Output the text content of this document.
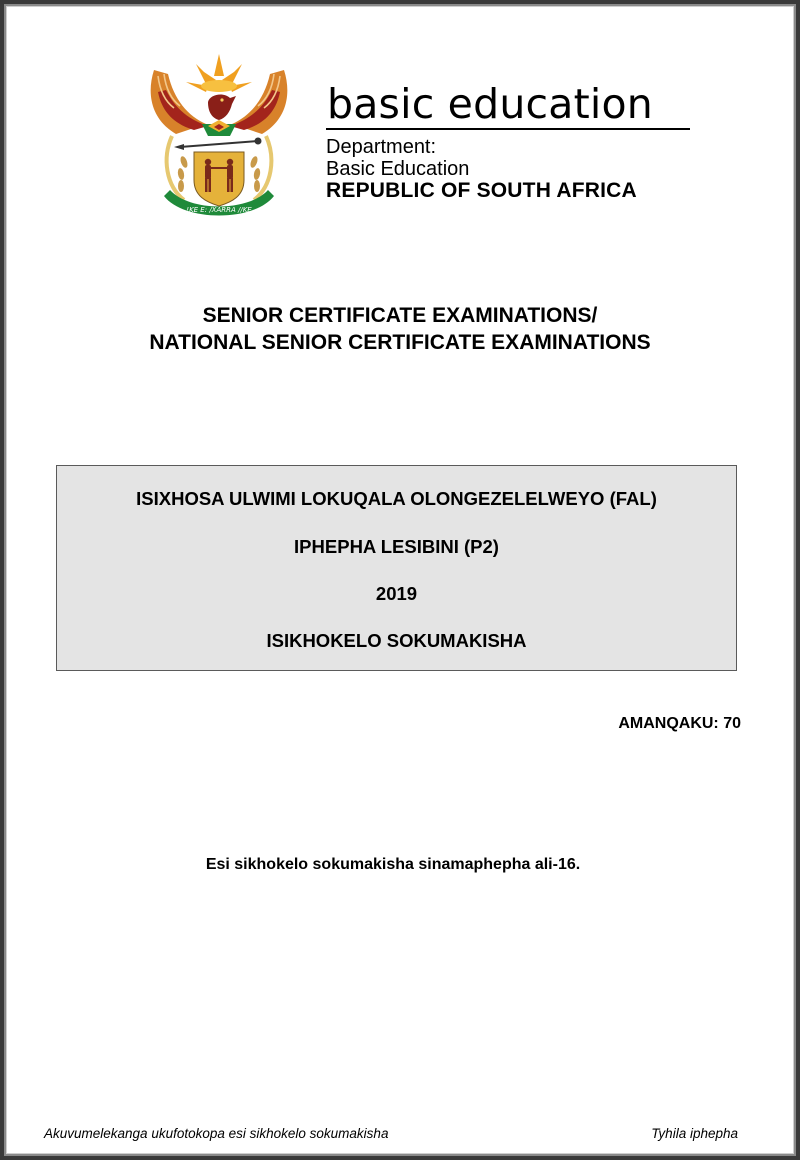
!KE E: /XARRA //KE
basic education
Department:
Basic Education
REPUBLIC OF SOUTH AFRICA
SENIOR CERTIFICATE EXAMINATIONS/
NATIONAL SENIOR CERTIFICATE EXAMINATIONS
ISIXHOSA ULWIMI LOKUQALA OLONGEZELELWEYO (FAL)
IPHEPHA LESIBINI (P2)
2019
ISIKHOKELO SOKUMAKISHA
AMANQAKU: 70
Esi sikhokelo sokumakisha sinamaphepha ali-16.
Akuvumelekanga ukufotokopa esi sikhokelo sokumakisha	Tyhila iphepha
